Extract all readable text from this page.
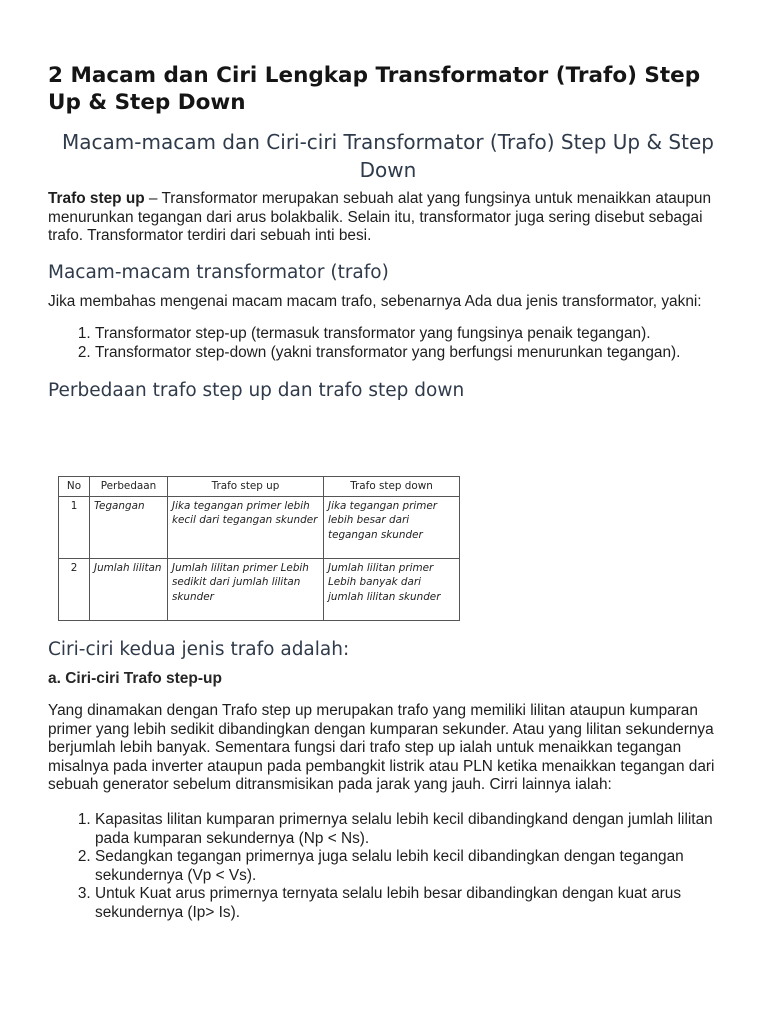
2 Macam dan Ciri Lengkap Transformator (Trafo) Step Up & Step Down
Macam-macam dan Ciri-ciri Transformator (Trafo) Step Up & Step Down

Trafo step up – Transformator merupakan sebuah alat yang fungsinya untuk menaikkan ataupun menurunkan tegangan dari arus bolakbalik. Selain itu, transformator juga sering disebut sebagai trafo. Transformator terdiri dari sebuah inti besi.

Macam-macam transformator (trafo)

Jika membahas mengenai macam macam trafo, sebenarnya Ada dua jenis transformator, yakni:

1. Transformator step-up (termasuk transformator yang fungsinya penaik tegangan).
2. Transformator step-down (yakni transformator yang berfungsi menurunkan tegangan).
Perbedaan trafo step up dan trafo step down
No	Perbedaan	Trafo step up	Trafo step down
1	Tegangan	Jika tegangan primer lebih kecil dari tegangan skunder	Jika tegangan primer lebih besar dari tegangan skunder
2	Jumlah lilitan	Jumlah lilitan primer Lebih sedikit dari jumlah lilitan skunder	Jumlah lilitan primer Lebih banyak dari jumlah lilitan skunder
Ciri-ciri kedua jenis trafo adalah:
a. Ciri-ciri Trafo step-up

Yang dinamakan dengan Trafo step up merupakan trafo yang memiliki lilitan ataupun kumparan primer yang lebih sedikit dibandingkan dengan kumparan sekunder. Atau yang lilitan sekundernya berjumlah lebih banyak. Sementara fungsi dari trafo step up ialah untuk menaikkan tegangan misalnya pada inverter ataupun pada pembangkit listrik atau PLN ketika menaikkan tegangan dari sebuah generator sebelum ditransmisikan pada jarak yang jauh. Cirri lainnya ialah:

1. Kapasitas lilitan kumparan primernya selalu lebih kecil dibandingkand dengan jumlah lilitan pada kumparan sekundernya (Np < Ns).
2. Sedangkan tegangan primernya juga selalu lebih kecil dibandingkan dengan tegangan sekundernya (Vp < Vs).
3. Untuk Kuat arus primernya ternyata selalu lebih besar dibandingkan dengan kuat arus sekundernya (Ip> Is).
